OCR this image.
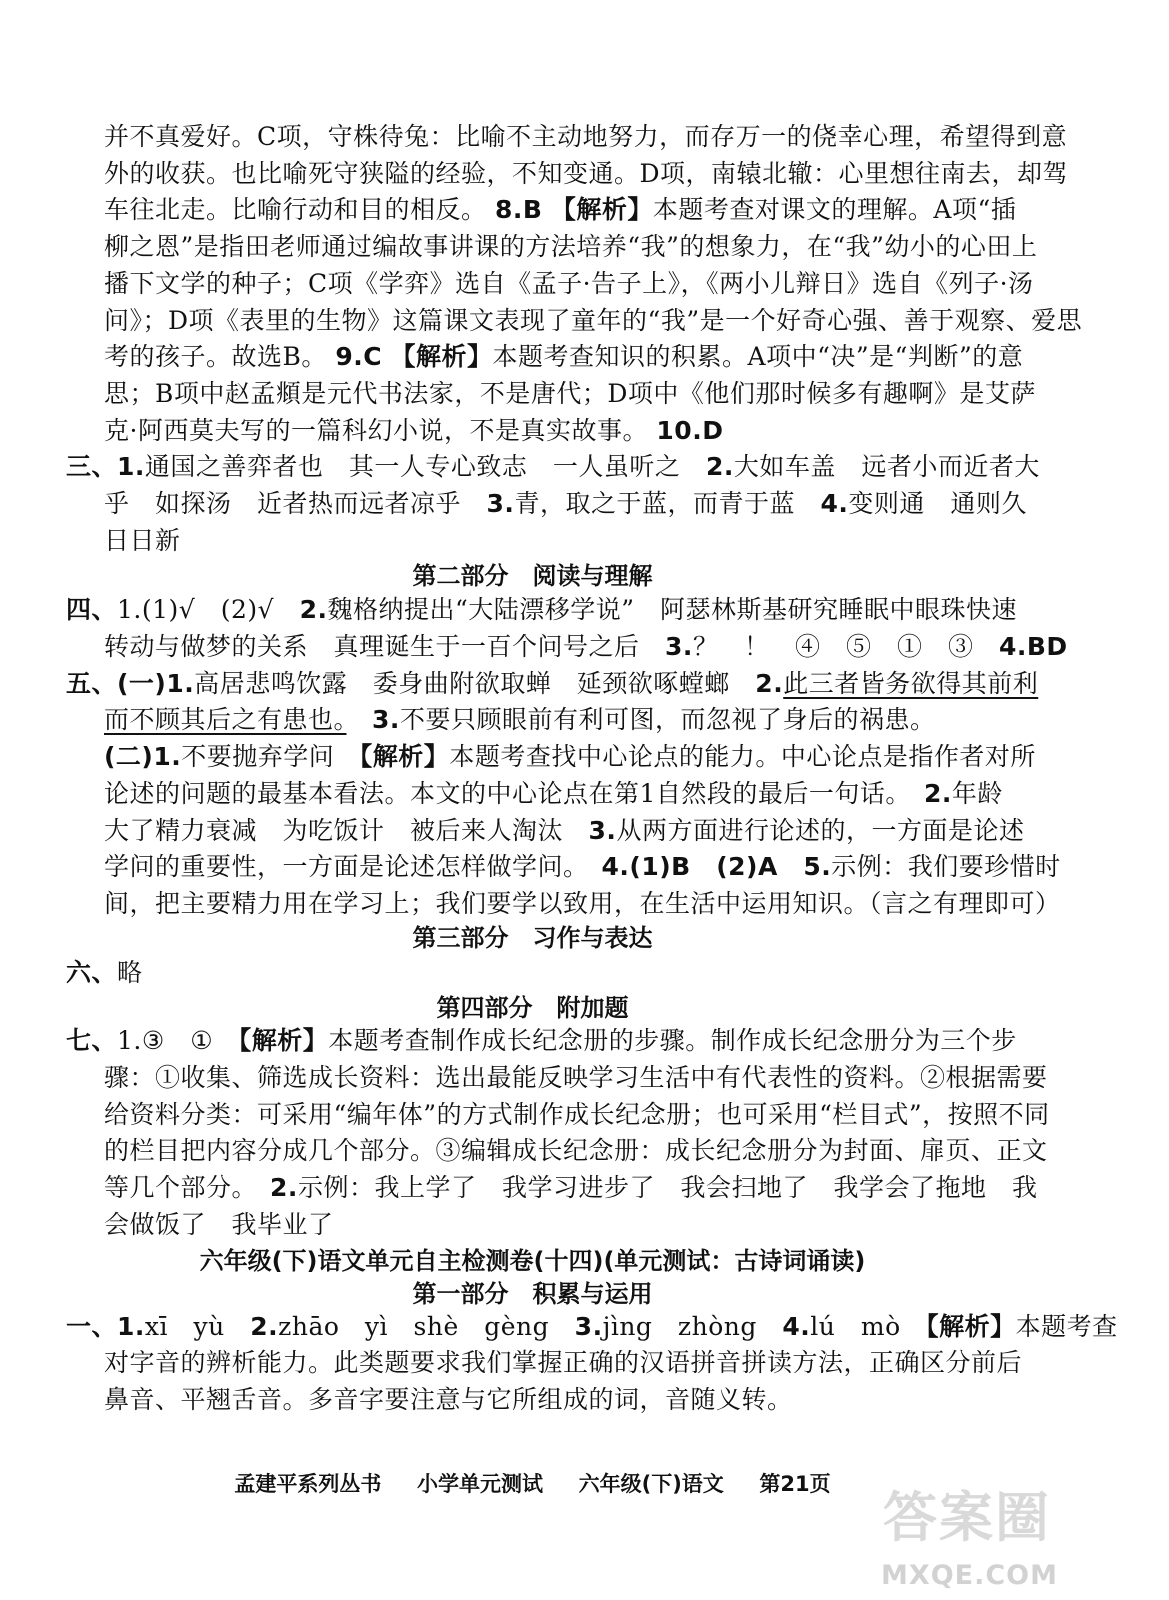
并不真爱好。C项，守株待兔：比喻不主动地努力，而存万一的侥幸心理，希望得到意
外的收获。也比喻死守狭隘的经验，不知变通。D项，南辕北辙：心里想往南去，却驾
车往北走。比喻行动和目的相反。 8.B 【解析】本题考查对课文的理解。A项“插
柳之恩”是指田老师通过编故事讲课的方法培养“我”的想象力，在“我”幼小的心田上
播下文学的种子；C项《学弈》选自《孟子·告子上》，《两小儿辩日》选自《列子·汤
问》；D项《表里的生物》这篇课文表现了童年的“我”是一个好奇心强、善于观察、爱思
考的孩子。故选B。 9.C 【解析】本题考查知识的积累。A项中“决”是“判断”的意
思；B项中赵孟頫是元代书法家，不是唐代；D项中《他们那时候多有趣啊》是艾萨
克·阿西莫夫写的一篇科幻小说，不是真实故事。 10.D
三、1.通国之善弈者也　其一人专心致志　一人虽听之　 2.大如车盖　远者小而近者大
乎　如探汤　近者热而远者凉乎　 3.青，取之于蓝，而青于蓝　 4.变则通　通则久
日日新
第二部分　阅读与理解
四、1.(1)√　(2)√　 2.魏格纳提出“大陆漂移学说”　阿瑟林斯基研究睡眠中眼珠快速
转动与做梦的关系　真理诞生于一百个问号之后　 3.？　！　④　⑤　①　③　 4.BD
五、(一)1.高居悲鸣饮露　委身曲附欲取蝉　延颈欲啄螳螂　 2.此三者皆务欲得其前利
而不顾其后之有患也。　 3.不要只顾眼前有利可图，而忽视了身后的祸患。
(二)1.不要抛弃学问　 【解析】本题考查找中心论点的能力。中心论点是指作者对所
论述的问题的最基本看法。本文的中心论点在第1自然段的最后一句话。　 2.年龄
大了精力衰减　为吃饭计　被后来人淘汰　 3.从两方面进行论述的，一方面是论述
学问的重要性，一方面是论述怎样做学问。　 4.(1)B　(2)A　 5.示例：我们要珍惜时
间，把主要精力用在学习上；我们要学以致用，在生活中运用知识。（言之有理即可）
第三部分　习作与表达
六、略
第四部分　附加题
七、1.③　①　 【解析】本题考查制作成长纪念册的步骤。制作成长纪念册分为三个步
骤：①收集、筛选成长资料：选出最能反映学习生活中有代表性的资料。②根据需要
给资料分类：可采用“编年体”的方式制作成长纪念册；也可采用“栏目式”，按照不同
的栏目把内容分成几个部分。③编辑成长纪念册：成长纪念册分为封面、扉页、正文
等几个部分。　 2.示例：我上学了　我学习进步了　我会扫地了　我学会了拖地　我
会做饭了　我毕业了
六年级(下)语文单元自主检测卷(十四)(单元测试：古诗词诵读)
第一部分　积累与运用
一、1.xī　yù　 2.zhāo　yì　shè　gèng　 3.jìng　zhòng　 4.lú　mò　 【解析】本题考查
对字音的辨析能力。此类题要求我们掌握正确的汉语拼音拼读方法，正确区分前后
鼻音、平翘舌音。多音字要注意与它所组成的词，音随义转。
孟建平系列丛书 　 小学单元测试 　 六年级(下)语文 　 第21页
答案圈
MXQE.COM
